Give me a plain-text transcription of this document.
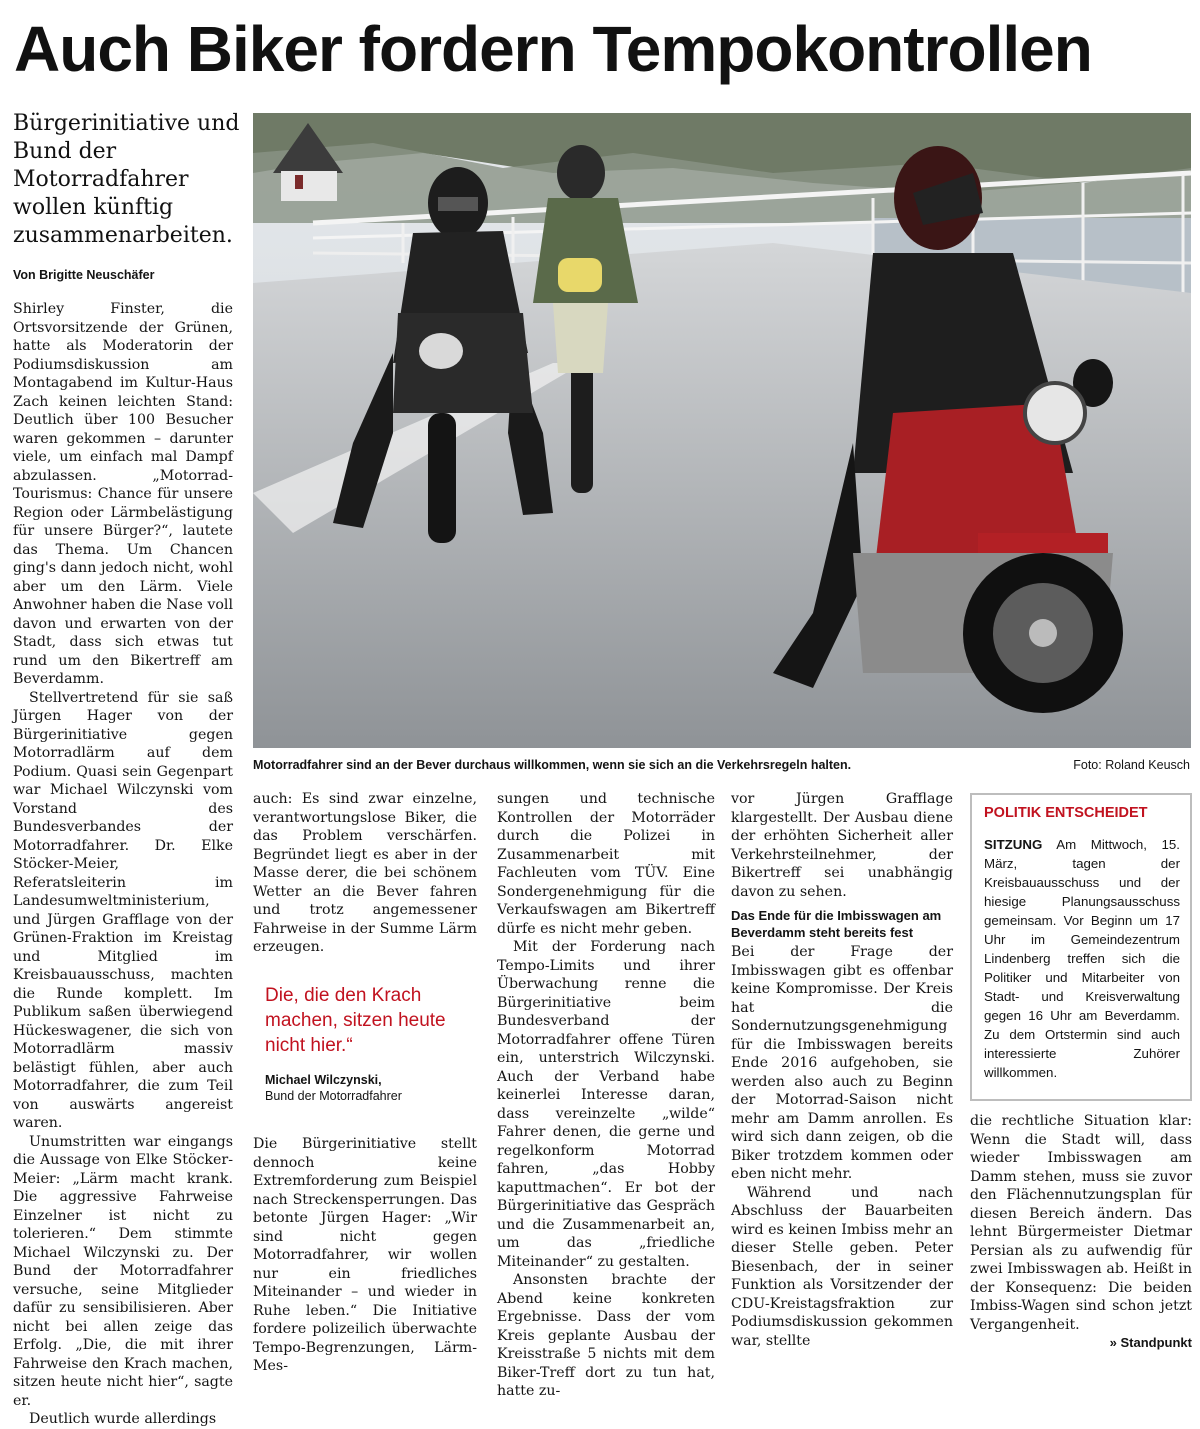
Auch Biker fordern Tempokontrollen
Bürgerinitiative und Bund der Motorradfahrer wollen künftig zusammenarbeiten.
Von Brigitte Neuschäfer

Shirley Finster, die Ortsvorsitzende der Grünen, hatte als Moderatorin der Podiumsdiskussion am Montagabend im Kultur-Haus Zach keinen leichten Stand: Deutlich über 100 Besucher waren gekommen – darunter viele, um einfach mal Dampf abzulassen. „Motorrad-Tourismus: Chance für unsere Region oder Lärmbelästigung für unsere Bürger?“, lautete das Thema. Um Chancen ging's dann jedoch nicht, wohl aber um den Lärm. Viele Anwohner haben die Nase voll davon und erwarten von der Stadt, dass sich etwas tut rund um den Bikertreff am Beverdamm.

Stellvertretend für sie saß Jürgen Hager von der Bürgerinitiative gegen Motorradlärm auf dem Podium. Quasi sein Gegenpart war Michael Wilczynski vom Vorstand des Bundesverbandes der Motorradfahrer. Dr. Elke Stöcker-Meier, Referatsleiterin im Landesumweltministerium, und Jürgen Grafflage von der Grünen-Fraktion im Kreistag und Mitglied im Kreisbauausschuss, machten die Runde komplett. Im Publikum saßen überwiegend Hückeswagener, die sich von Motorradlärm massiv belästigt fühlen, aber auch Motorradfahrer, die zum Teil von auswärts angereist waren.

Unumstritten war eingangs die Aussage von Elke Stöcker-Meier: „Lärm macht krank. Die aggressive Fahrweise Einzelner ist nicht zu tolerieren.“ Dem stimmte Michael Wilczynski zu. Der Bund der Motorradfahrer versuche, seine Mitglieder dafür zu sensibilisieren. Aber nicht bei allen zeige das Erfolg. „Die, die mit ihrer Fahrweise den Krach machen, sitzen heute nicht hier“, sagte er.

Deutlich wurde allerdings

Motorradfahrer sind an der Bever durchaus willkommen, wenn sie sich an die Verkehrsregeln halten.	Foto: Roland Keusch

auch: Es sind zwar einzelne, verantwortungslose Biker, die das Problem verschärfen. Begründet liegt es aber in der Masse derer, die bei schönem Wetter an die Bever fahren und trotz angemessener Fahrweise in der Summe Lärm erzeugen.

Die, die den Krach machen, sitzen heute nicht hier.“
Michael Wilczynski,
Bund der Motorradfahrer

Die Bürgerinitiative stellt dennoch keine Extremforderung zum Beispiel nach Streckensperrungen. Das betonte Jürgen Hager: „Wir sind nicht gegen Motorradfahrer, wir wollen nur ein friedliches Miteinander – und wieder in Ruhe leben.“ Die Initiative fordere polizeilich überwachte Tempo-Begrenzungen, Lärm-Mes-

sungen und technische Kontrollen der Motorräder durch die Polizei in Zusammenarbeit mit Fachleuten vom TÜV. Eine Sondergenehmigung für die Verkaufswagen am Bikertreff dürfe es nicht mehr geben.

Mit der Forderung nach Tempo-Limits und ihrer Überwachung renne die Bürgerinitiative beim Bundesverband der Motorradfahrer offene Türen ein, unterstrich Wilczynski. Auch der Verband habe keinerlei Interesse daran, dass vereinzelte „wilde“ Fahrer denen, die gerne und regelkonform Motorrad fahren, „das Hobby kaputtmachen“. Er bot der Bürgerinitiative das Gespräch und die Zusammenarbeit an, um das „friedliche Miteinander“ zu gestalten.

Ansonsten brachte der Abend keine konkreten Ergebnisse. Dass der vom Kreis geplante Ausbau der Kreisstraße 5 nichts mit dem Biker-Treff dort zu tun hat, hatte zu-

vor Jürgen Grafflage klargestellt. Der Ausbau diene der erhöhten Sicherheit aller Verkehrsteilnehmer, der Bikertreff sei unabhängig davon zu sehen.

Das Ende für die Imbisswagen am Beverdamm steht bereits fest

Bei der Frage der Imbisswagen gibt es offenbar keine Kompromisse. Der Kreis hat die Sondernutzungsgenehmigung für die Imbisswagen bereits Ende 2016 aufgehoben, sie werden also auch zu Beginn der Motorrad-Saison nicht mehr am Damm anrollen. Es wird sich dann zeigen, ob die Biker trotzdem kommen oder eben nicht mehr.

Während und nach Abschluss der Bauarbeiten wird es keinen Imbiss mehr an dieser Stelle geben. Peter Biesenbach, der in seiner Funktion als Vorsitzender der CDU-Kreistagsfraktion zur Podiumsdiskussion gekommen war, stellte

POLITIK ENTSCHEIDET
SITZUNG Am Mittwoch, 15. März, tagen der Kreisbauausschuss und der hiesige Planungsausschuss gemeinsam. Vor Beginn um 17 Uhr im Gemeindezentrum Lindenberg treffen sich die Politiker und Mitarbeiter von Stadt- und Kreisverwaltung gegen 16 Uhr am Beverdamm. Zu dem Ortstermin sind auch interessierte Zuhörer willkommen.

die rechtliche Situation klar: Wenn die Stadt will, dass wieder Imbisswagen am Damm stehen, muss sie zuvor den Flächennutzungsplan für diesen Bereich ändern. Das lehnt Bürgermeister Dietmar Persian als zu aufwendig für zwei Imbisswagen ab. Heißt in der Konsequenz: Die beiden Imbiss-Wagen sind schon jetzt Vergangenheit.

» Standpunkt
